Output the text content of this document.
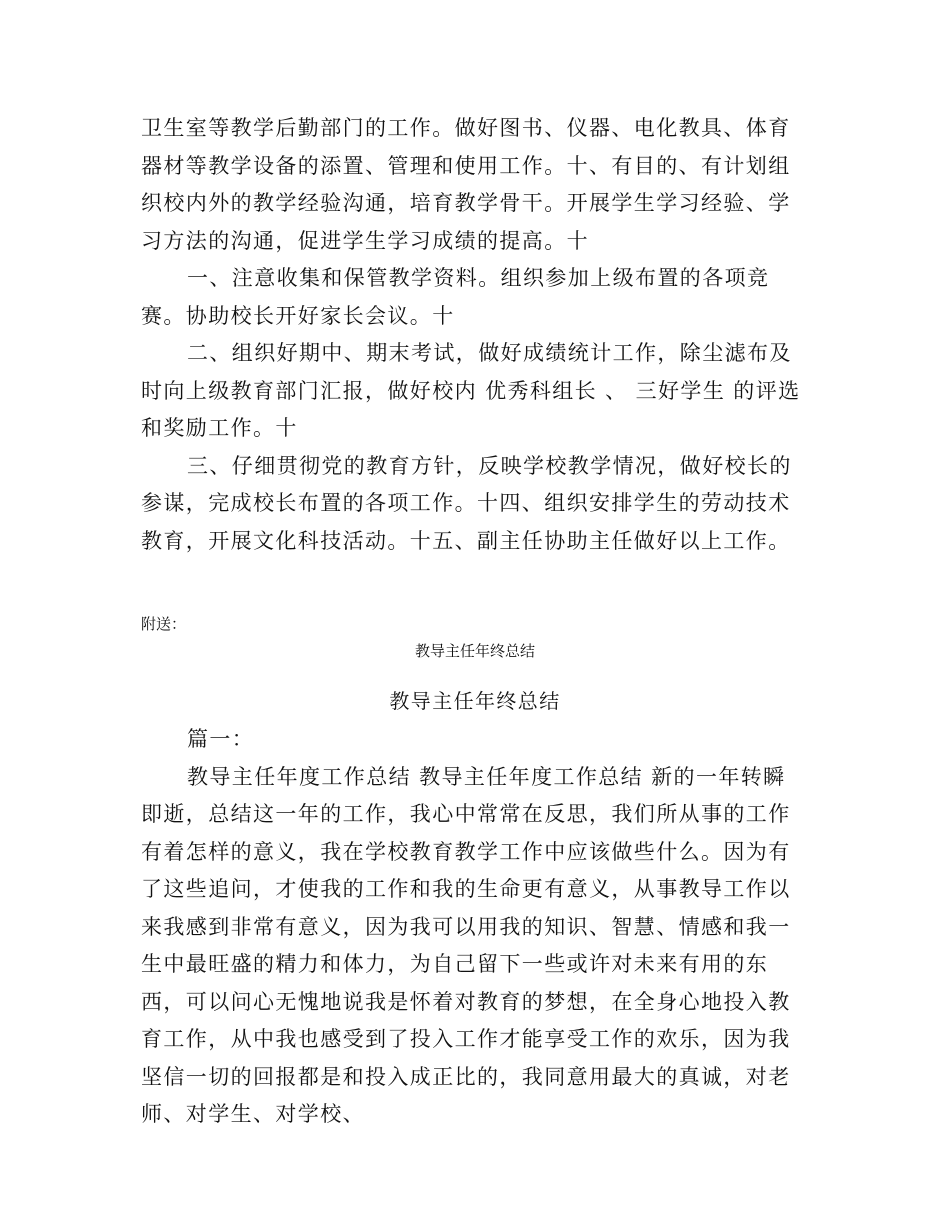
卫生室等教学后勤部门的工作。做好图书、仪器、电化教具、体育器材等教学设备的添置、管理和使用工作。十、有目的、有计划组织校内外的教学经验沟通，培育教学骨干。开展学生学习经验、学习方法的沟通，促进学生学习成绩的提高。十

一、注意收集和保管教学资料。组织参加上级布置的各项竞赛。协助校长开好家长会议。十

二、组织好期中、期末考试，做好成绩统计工作，除尘滤布及时向上级教育部门汇报，做好校内 优秀科组长 、 三好学生 的评选和奖励工作。十

三、仔细贯彻党的教育方针，反映学校教学情况，做好校长的参谋，完成校长布置的各项工作。十四、组织安排学生的劳动技术教育，开展文化科技活动。十五、副主任协助主任做好以上工作。

附送：
教导主任年终总结
教导主任年终总结

篇一：

教导主任年度工作总结 教导主任年度工作总结 新的一年转瞬即逝，总结这一年的工作，我心中常常在反思，我们所从事的工作有着怎样的意义，我在学校教育教学工作中应该做些什么。因为有了这些追问，才使我的工作和我的生命更有意义，从事教导工作以来我感到非常有意义，因为我可以用我的知识、智慧、情感和我一生中最旺盛的精力和体力，为自己留下一些或许对未来有用的东西，可以问心无愧地说我是怀着对教育的梦想，在全身心地投入教育工作，从中我也感受到了投入工作才能享受工作的欢乐，因为我坚信一切的回报都是和投入成正比的，我同意用最大的真诚，对老师、对学生、对学校、
